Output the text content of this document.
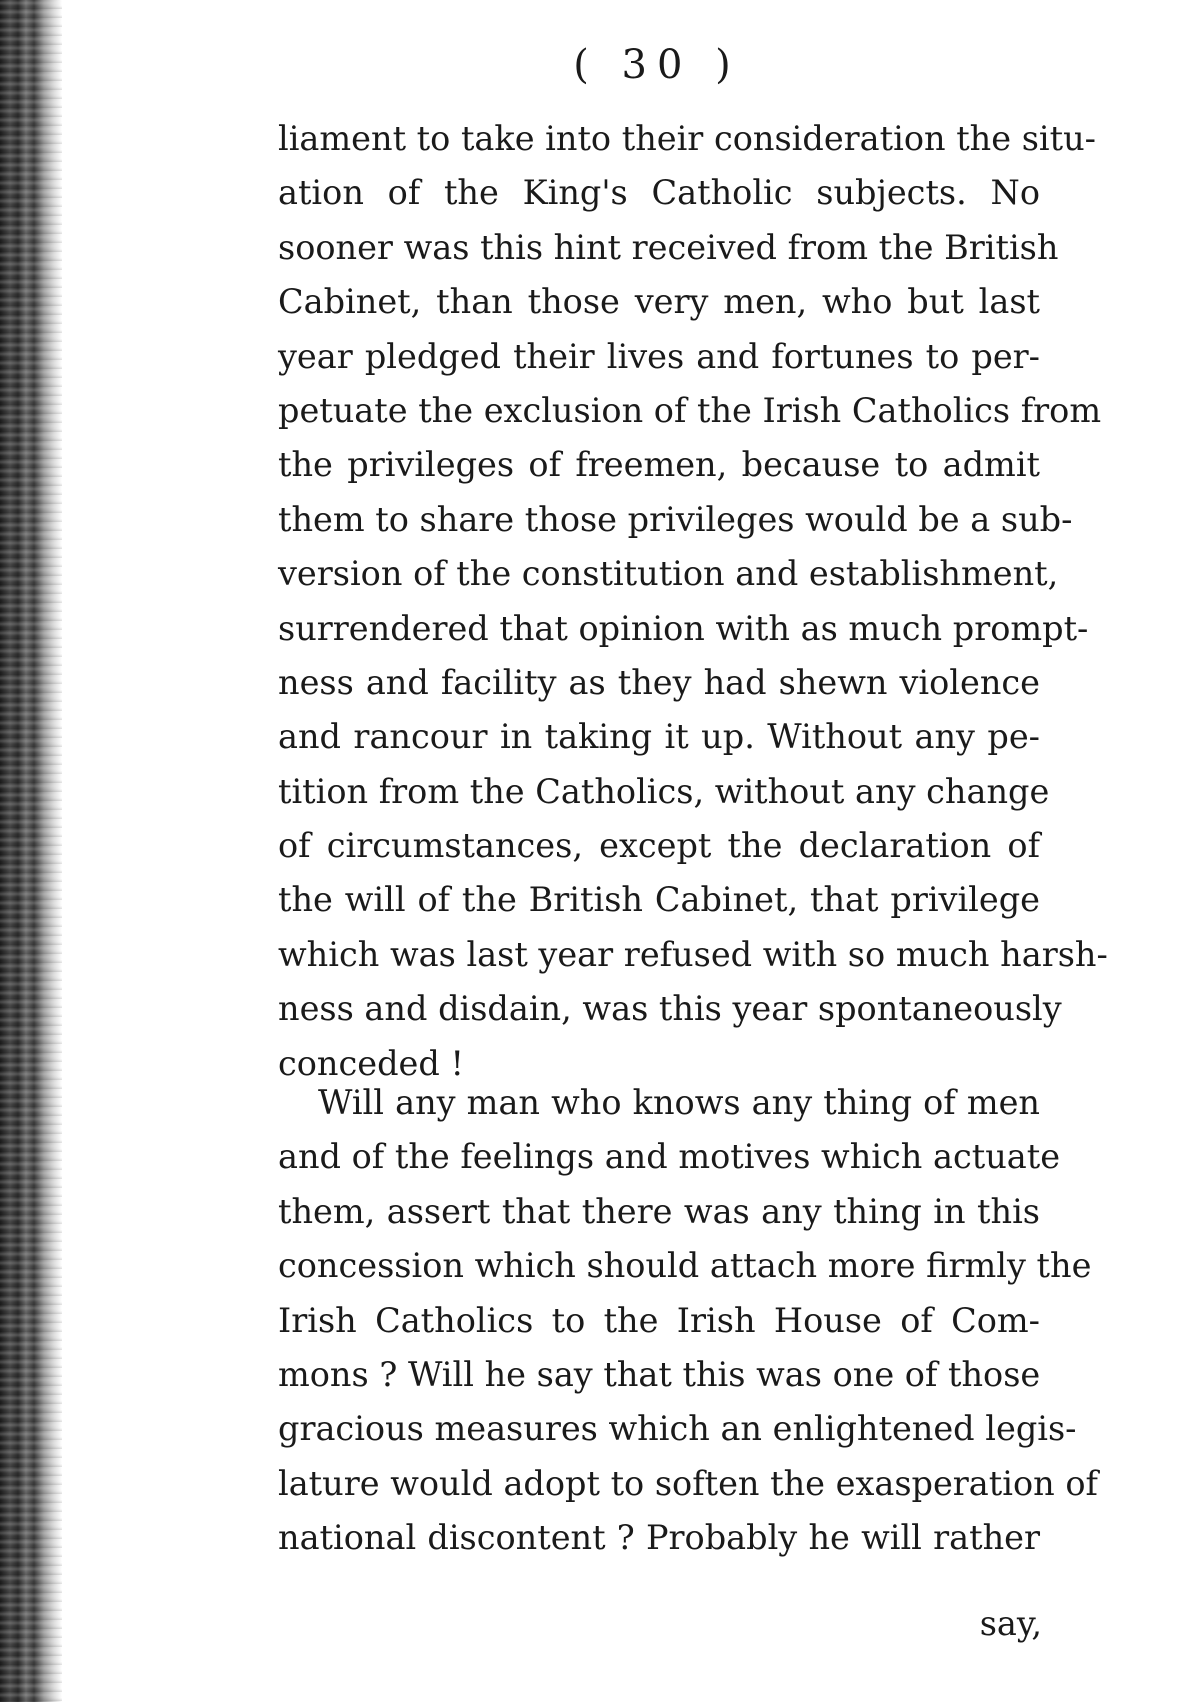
( 30 )
liament to take into their consideration the situ-
ation of the King's Catholic subjects. No
sooner was this hint received from the British
Cabinet, than those very men, who but last
year pledged their lives and fortunes to per-
petuate the exclusion of the Irish Catholics from
the privileges of freemen, because to admit
them to share those privileges would be a sub-
version of the constitution and establishment,
surrendered that opinion with as much prompt-
ness and facility as they had shewn violence
and rancour in taking it up. Without any pe-
tition from the Catholics, without any change
of circumstances, except the declaration of
the will of the British Cabinet, that privilege
which was last year refused with so much harsh-
ness and disdain, was this year spontaneously
conceded !
Will any man who knows any thing of men
and of the feelings and motives which actuate
them, assert that there was any thing in this
concession which should attach more firmly the
Irish Catholics to the Irish House of Com-
mons ? Will he say that this was one of those
gracious measures which an enlightened legis-
lature would adopt to soften the exasperation of
national discontent ? Probably he will rather
say,
